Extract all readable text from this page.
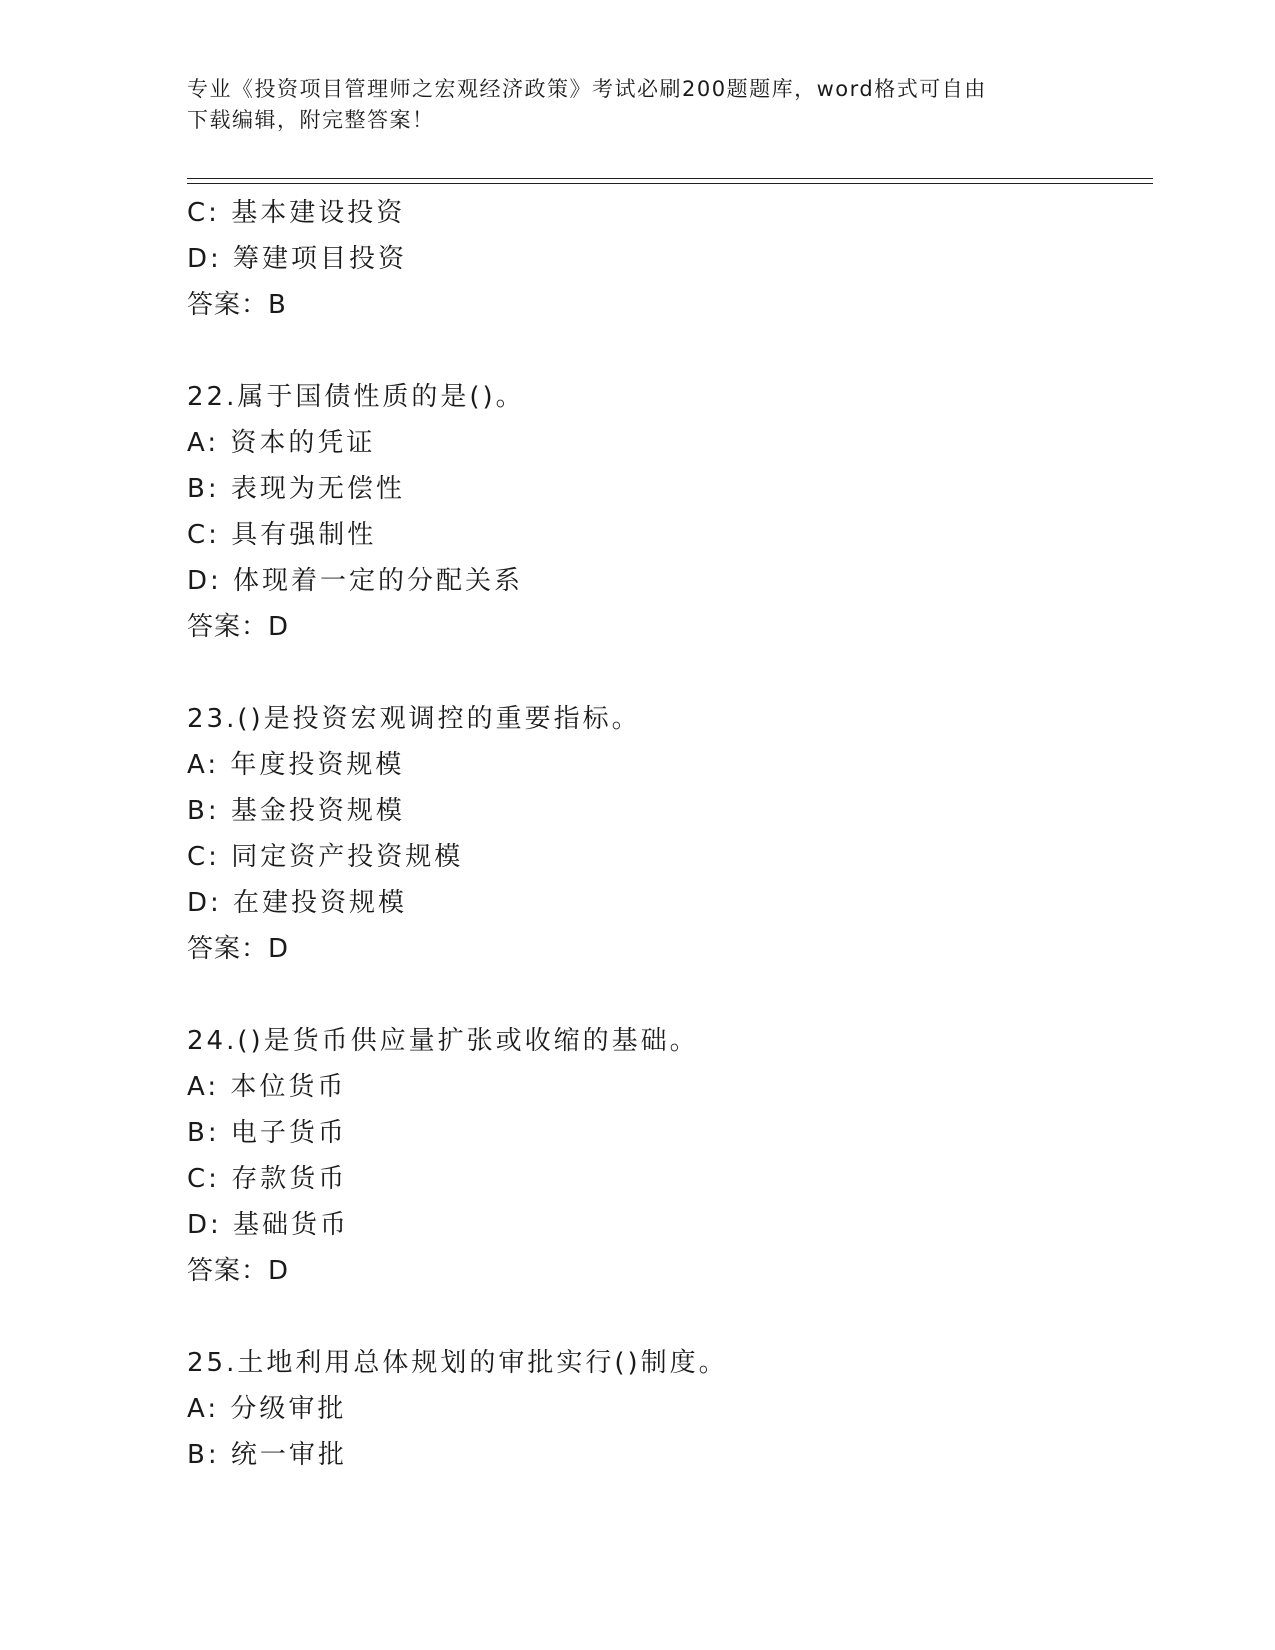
专业《投资项目管理师之宏观经济政策》考试必刷200题题库，word格式可自由
下载编辑，附完整答案！
C: 基本建设投资
D: 筹建项目投资
答案：B
22.属于国债性质的是()。
A: 资本的凭证
B: 表现为无偿性
C: 具有强制性
D: 体现着一定的分配关系
答案：D
23.()是投资宏观调控的重要指标。
A: 年度投资规模
B: 基金投资规模
C: 同定资产投资规模
D: 在建投资规模
答案：D
24.()是货币供应量扩张或收缩的基础。
A: 本位货币
B: 电子货币
C: 存款货币
D: 基础货币
答案：D
25.土地利用总体规划的审批实行()制度。
A: 分级审批
B: 统一审批
